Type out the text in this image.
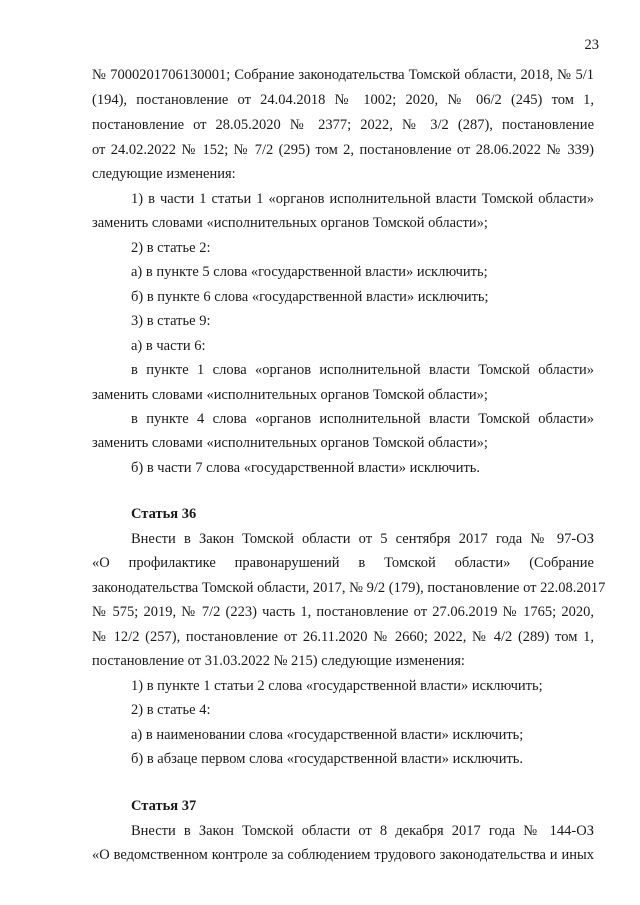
23
№ 7000201706130001; Собрание законодательства Томской области, 2018, № 5/1
(194), постановление от 24.04.2018 № 1002; 2020, № 06/2 (245) том 1,
постановление от 28.05.2020 № 2377; 2022, № 3/2 (287), постановление
от 24.02.2022 № 152; № 7/2 (295) том 2, постановление от 28.06.2022 № 339)
следующие изменения:
1) в части 1 статьи 1 «органов исполнительной власти Томской области»
заменить словами «исполнительных органов Томской области»;
2) в статье 2:
а) в пункте 5 слова «государственной власти» исключить;
б) в пункте 6 слова «государственной власти» исключить;
3) в статье 9:
а) в части 6:
в пункте 1 слова «органов исполнительной власти Томской области»
заменить словами «исполнительных органов Томской области»;
в пункте 4 слова «органов исполнительной власти Томской области»
заменить словами «исполнительных органов Томской области»;
б) в части 7 слова «государственной власти» исключить.
Статья 36
Внести в Закон Томской области от 5 сентября 2017 года № 97-ОЗ
«О профилактике правонарушений в Томской области» (Собрание
законодательства Томской области, 2017, № 9/2 (179), постановление от 22.08.2017
№ 575; 2019, № 7/2 (223) часть 1, постановление от 27.06.2019 № 1765; 2020,
№ 12/2 (257), постановление от 26.11.2020 № 2660; 2022, № 4/2 (289) том 1,
постановление от 31.03.2022 № 215) следующие изменения:
1) в пункте 1 статьи 2 слова «государственной власти» исключить;
2) в статье 4:
а) в наименовании слова «государственной власти» исключить;
б) в абзаце первом слова «государственной власти» исключить.
Статья 37
Внести в Закон Томской области от 8 декабря 2017 года № 144-ОЗ
«О ведомственном контроле за соблюдением трудового законодательства и иных
